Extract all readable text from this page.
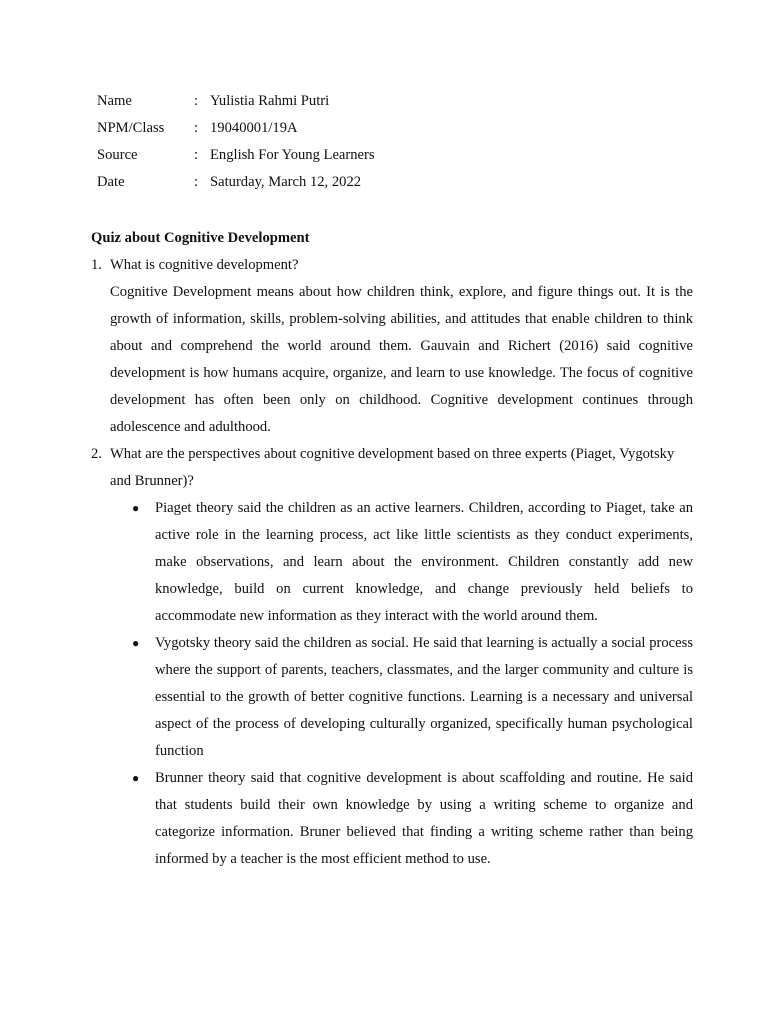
Name	: Yulistia Rahmi Putri
NPM/Class : 19040001/19A
Source	: English For Young Learners
Date	: Saturday, March 12, 2022
Quiz about Cognitive Development
1. What is cognitive development?
Cognitive Development means about how children think, explore, and figure things out. It is the growth of information, skills, problem-solving abilities, and attitudes that enable children to think about and comprehend the world around them. Gauvain and Richert (2016) said cognitive development is how humans acquire, organize, and learn to use knowledge. The focus of cognitive development has often been only on childhood. Cognitive development continues through adolescence and adulthood.
2. What are the perspectives about cognitive development based on three experts (Piaget, Vygotsky and Brunner)?
● Piaget theory said the children as an active learners. Children, according to Piaget, take an active role in the learning process, act like little scientists as they conduct experiments, make observations, and learn about the environment. Children constantly add new knowledge, build on current knowledge, and change previously held beliefs to accommodate new information as they interact with the world around them.
● Vygotsky theory said the children as social. He said that learning is actually a social process where the support of parents, teachers, classmates, and the larger community and culture is essential to the growth of better cognitive functions. Learning is a necessary and universal aspect of the process of developing culturally organized, specifically human psychological function
● Brunner theory said that cognitive development is about scaffolding and routine. He said that students build their own knowledge by using a writing scheme to organize and categorize information. Bruner believed that finding a writing scheme rather than being informed by a teacher is the most efficient method to use.
